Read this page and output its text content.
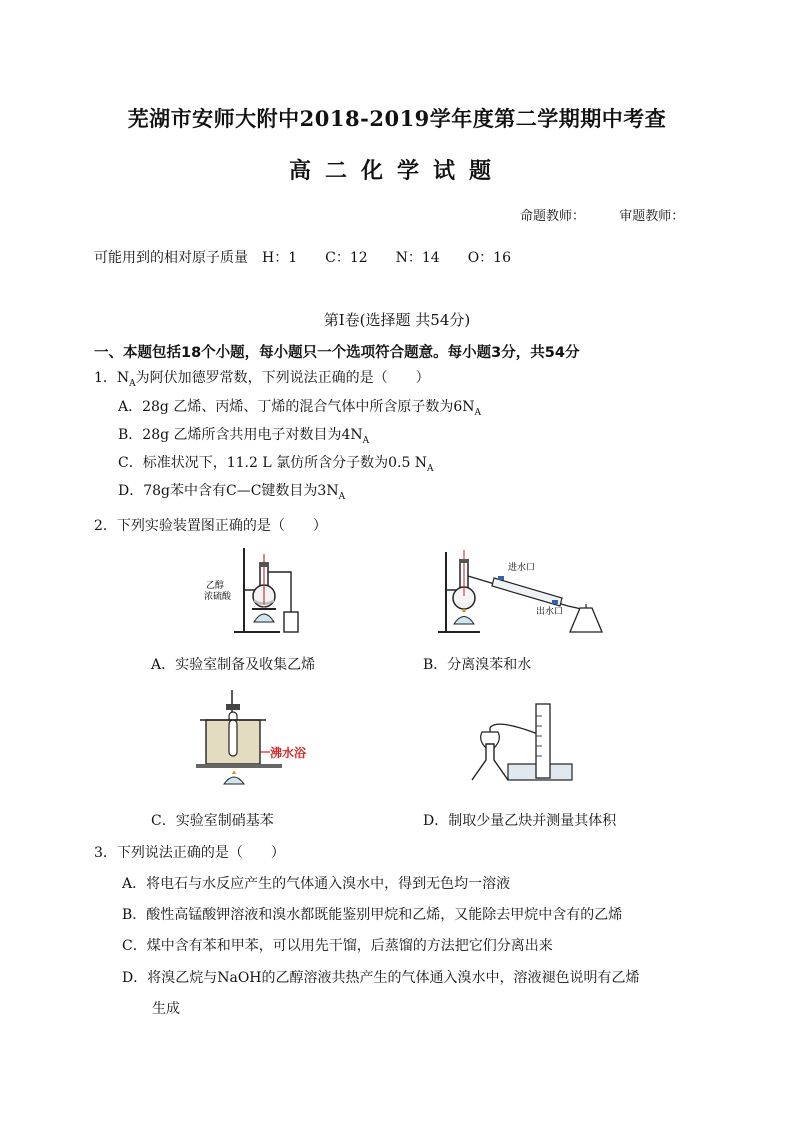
芜湖市安师大附中2018-2019学年度第二学期期中考查
高二化学试题
命题教师：	审题教师：
可能用到的相对原子质量　H：1　　C：12　　N：14　　O：16
第Ⅰ卷(选择题 共54分)
一、本题包括18个小题，每小题只一个选项符合题意。每小题3分，共54分
1．$N_A$为阿伏加德罗常数，下列说法正确的是（　　）
A．28g 乙烯、丙烯、丁烯的混合气体中所含原子数为$6N_A$
B．28g 乙烯所含共用电子对数目为$4N_A$
C．标准状况下，11.2 L 氯仿所含分子数为0.5 $N_A$
D．78g苯中含有C—C键数目为$3N_A$
2．下列实验装置图正确的是（　　）
乙醇
浓硫酸
进水口
出水口
A．实验室制备及收集乙烯	B．分离溴苯和水
沸水浴
C．实验室制硝基苯	D．制取少量乙炔并测量其体积
3．下列说法正确的是（　　）
A．将电石与水反应产生的气体通入溴水中，得到无色均一溶液
B．酸性高锰酸钾溶液和溴水都既能鉴别甲烷和乙烯，又能除去甲烷中含有的乙烯
C．煤中含有苯和甲苯，可以用先干馏，后蒸馏的方法把它们分离出来
D．将溴乙烷与NaOH的乙醇溶液共热产生的气体通入溴水中，溶液褪色说明有乙烯
生成
